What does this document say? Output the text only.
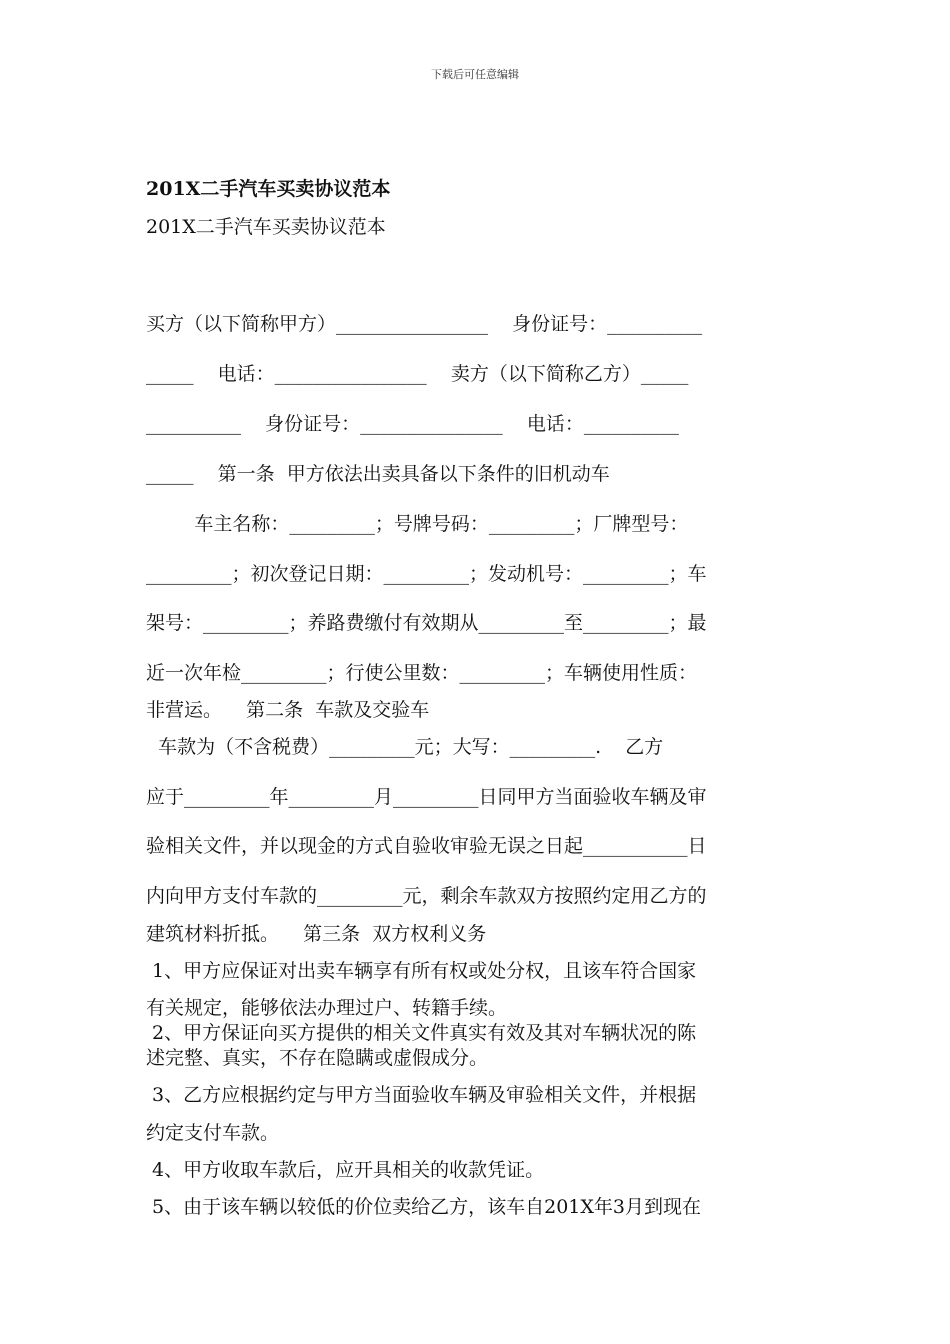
下载后可任意编辑
201X二手汽车买卖协议范本
201X二手汽车买卖协议范本
买方（以下简称甲方）________________    身份证号：__________
_____    电话：________________    卖方（以下简称乙方）_____
__________    身份证号：_______________    电话：__________
_____    第一条  甲方依法出卖具备以下条件的旧机动车
车主名称：_________；号牌号码：_________；厂牌型号：
_________；初次登记日期：_________；发动机号：_________；车
架号：_________；养路费缴付有效期从_________至_________；最
近一次年检_________；行使公里数：_________；车辆使用性质：
非营运。    第二条  车款及交验车
车款为（不含税费）_________元；大写：_________.    乙方
应于_________年_________月_________日同甲方当面验收车辆及审
验相关文件，并以现金的方式自验收审验无误之日起___________日
内向甲方支付车款的_________元，剩余车款双方按照约定用乙方的
建筑材料折抵。    第三条  双方权利义务
1、甲方应保证对出卖车辆享有所有权或处分权，且该车符合国家
有关规定，能够依法办理过户、转籍手续。
2、甲方保证向买方提供的相关文件真实有效及其对车辆状况的陈
述完整、真实，不存在隐瞒或虚假成分。
3、乙方应根据约定与甲方当面验收车辆及审验相关文件，并根据
约定支付车款。
4、甲方收取车款后，应开具相关的收款凭证。
5、由于该车辆以较低的价位卖给乙方，该车自201X年3月到现在
